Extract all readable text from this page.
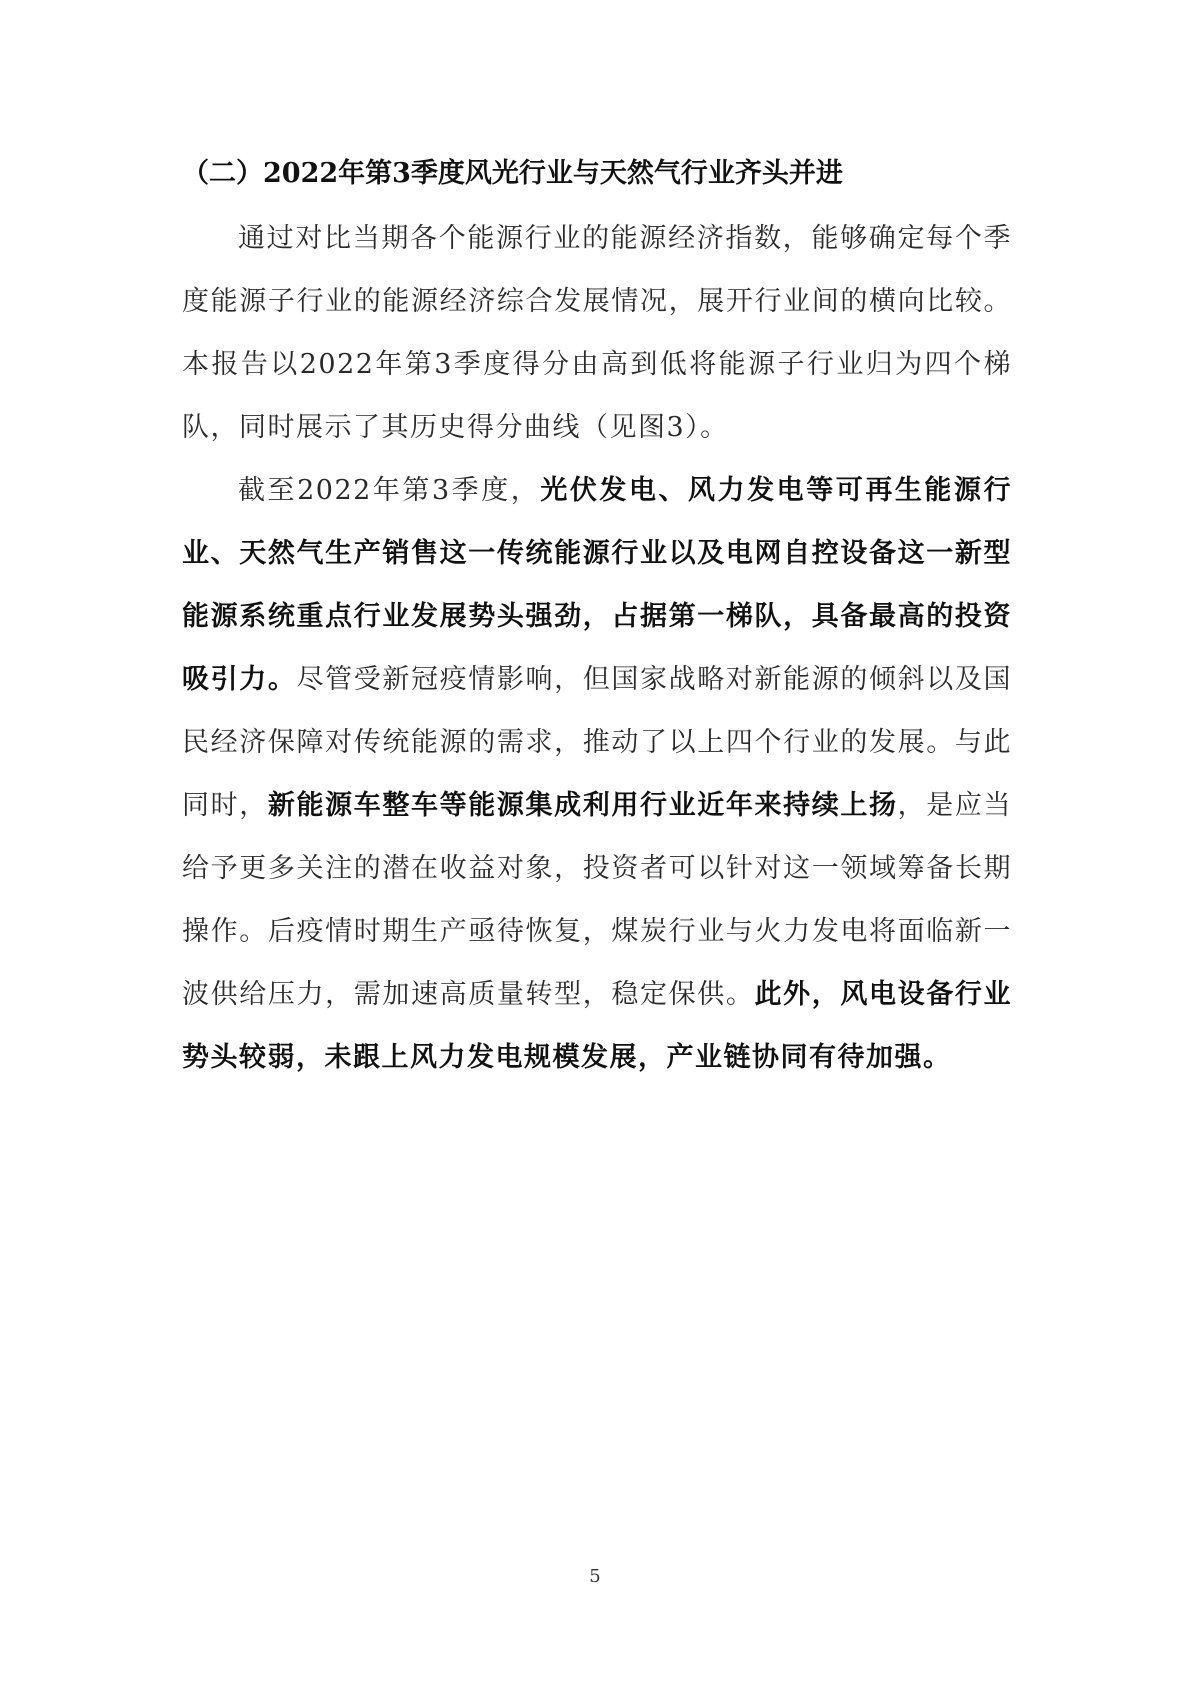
（二）2022年第3季度风光行业与天然气行业齐头并进

通过对比当期各个能源行业的能源经济指数，能够确定每个季度能源子行业的能源经济综合发展情况，展开行业间的横向比较。本报告以2022年第3季度得分由高到低将能源子行业归为四个梯队，同时展示了其历史得分曲线（见图3）。

截至2022年第3季度，光伏发电、风力发电等可再生能源行业、天然气生产销售这一传统能源行业以及电网自控设备这一新型能源系统重点行业发展势头强劲，占据第一梯队，具备最高的投资吸引力。尽管受新冠疫情影响，但国家战略对新能源的倾斜以及国民经济保障对传统能源的需求，推动了以上四个行业的发展。与此同时，新能源车整车等能源集成利用行业近年来持续上扬，是应当给予更多关注的潜在收益对象，投资者可以针对这一领域筹备长期操作。后疫情时期生产亟待恢复，煤炭行业与火力发电将面临新一波供给压力，需加速高质量转型，稳定保供。此外，风电设备行业势头较弱，未跟上风力发电规模发展，产业链协同有待加强。

5
